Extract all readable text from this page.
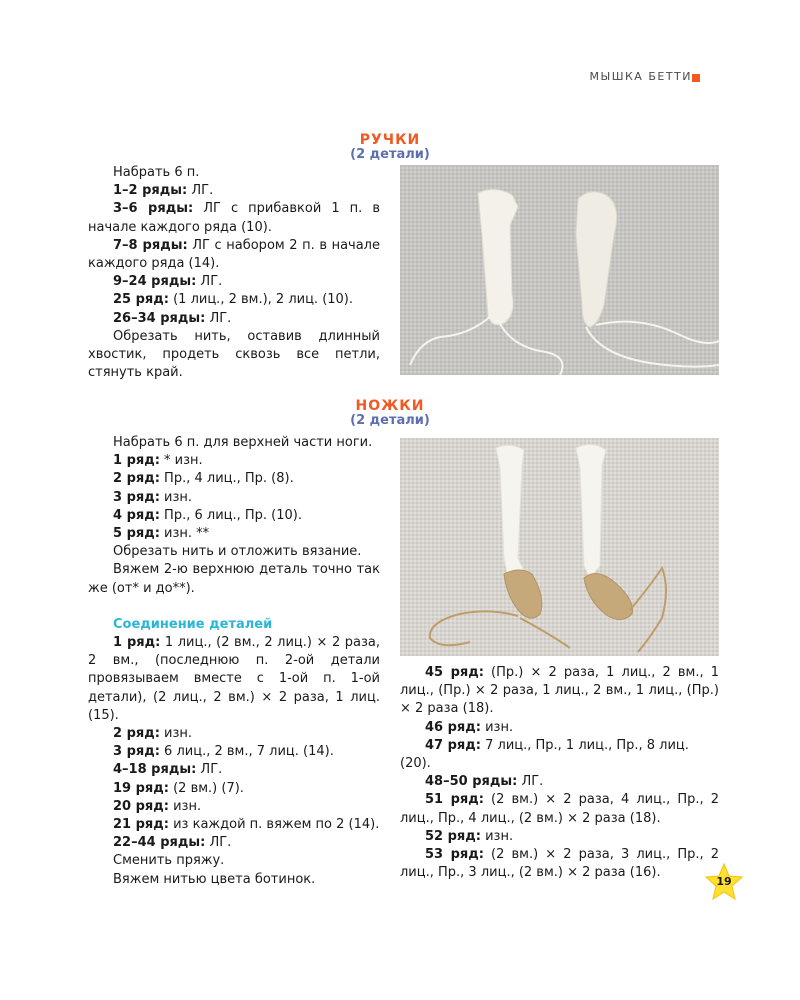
МЫШКА БЕТТИ
РУЧКИ
(2 детали)

Набрать 6 п.

1–2 ряды: ЛГ.

3–6 ряды: ЛГ с прибавкой 1 п. в начале каждого ряда (10).

7–8 ряды: ЛГ с набором 2 п. в начале каждого ряда (14).

9–24 ряды: ЛГ.

25 ряд: (1 лиц., 2 вм.), 2 лиц. (10).

26–34 ряды: ЛГ.

Обрезать нить, оставив длинный хвостик, продеть сквозь все петли, стянуть край.

НОЖКИ
(2 детали)

Набрать 6 п. для верхней части ноги.

1 ряд: * изн.

2 ряд: Пр., 4 лиц., Пр. (8).

3 ряд: изн.

4 ряд: Пр., 6 лиц., Пр. (10).

5 ряд: изн. **

Обрезать нить и отложить вязание.

Вяжем 2-ю верхнюю деталь точно так же (от* и до**).

Соединение деталей

1 ряд: 1 лиц., (2 вм., 2 лиц.) × 2 раза, 2 вм., (последнюю п. 2-ой детали провязываем вместе с 1-ой п. 1-ой детали), (2 лиц., 2 вм.) × 2 раза, 1 лиц. (15).

2 ряд: изн.

3 ряд: 6 лиц., 2 вм., 7 лиц. (14).

4–18 ряды: ЛГ.

19 ряд: (2 вм.) (7).

20 ряд: изн.

21 ряд: из каждой п. вяжем по 2 (14).

22–44 ряды: ЛГ.

Сменить пряжу.

Вяжем нитью цвета ботинок.

45 ряд: (Пр.) × 2 раза, 1 лиц., 2 вм., 1 лиц., (Пр.) × 2 раза, 1 лиц., 2 вм., 1 лиц., (Пр.) × 2 раза (18).

46 ряд: изн.

47 ряд: 7 лиц., Пр., 1 лиц., Пр., 8 лиц. (20).

48–50 ряды: ЛГ.

51 ряд: (2 вм.) × 2 раза, 4 лиц., Пр., 2 лиц., Пр., 4 лиц., (2 вм.) × 2 раза (18).

52 ряд: изн.

53 ряд: (2 вм.) × 2 раза, 3 лиц., Пр., 2 лиц., Пр., 3 лиц., (2 вм.) × 2 раза (16).

19
